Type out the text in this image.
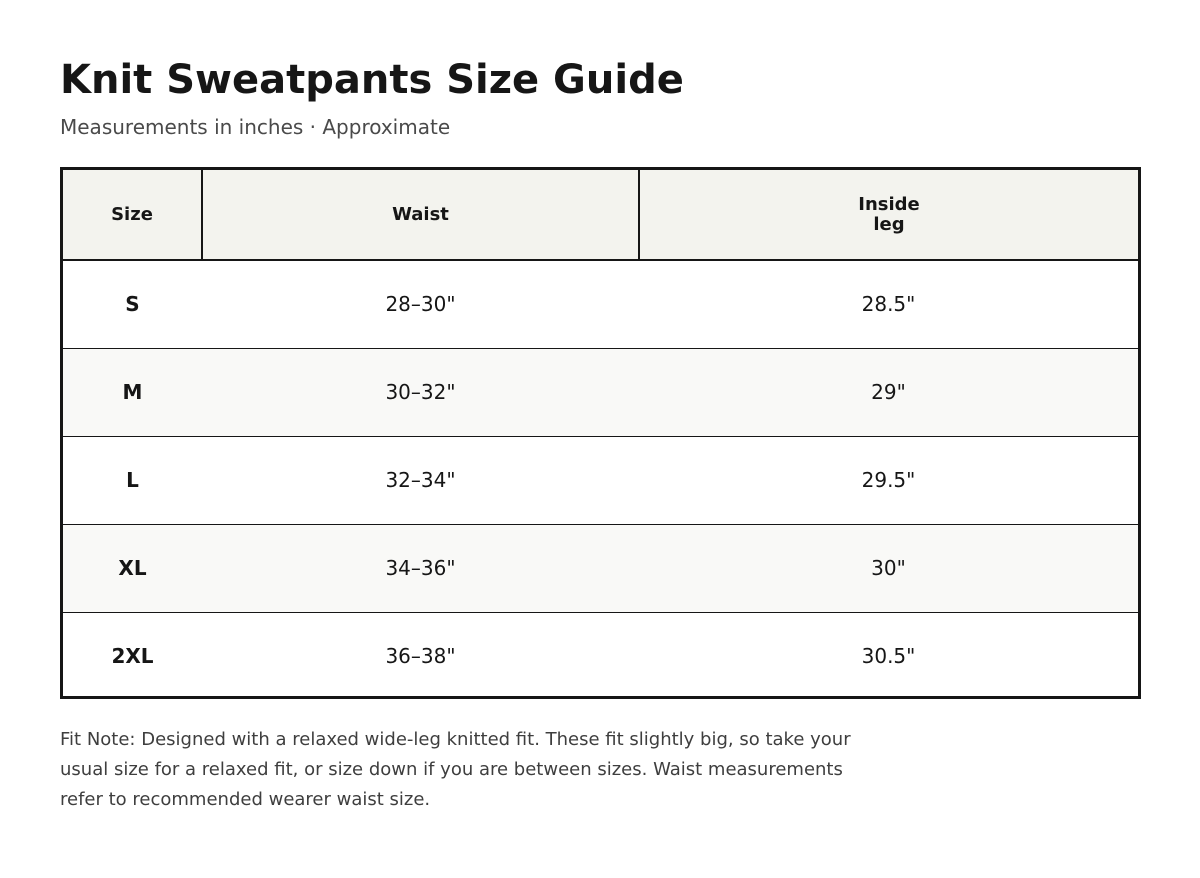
Knit Sweatpants Size Guide
Measurements in inches · Approximate
Size	Waist	Inside leg
S	28–30"	28.5"
M	30–32"	29"
L	32–34"	29.5"
XL	34–36"	30"
2XL	36–38"	30.5"

Fit Note: Designed with a relaxed wide-leg knitted fit. These fit slightly big, so take your usual size for a relaxed fit, or size down if you are between sizes. Waist measurements refer to recommended wearer waist size.
